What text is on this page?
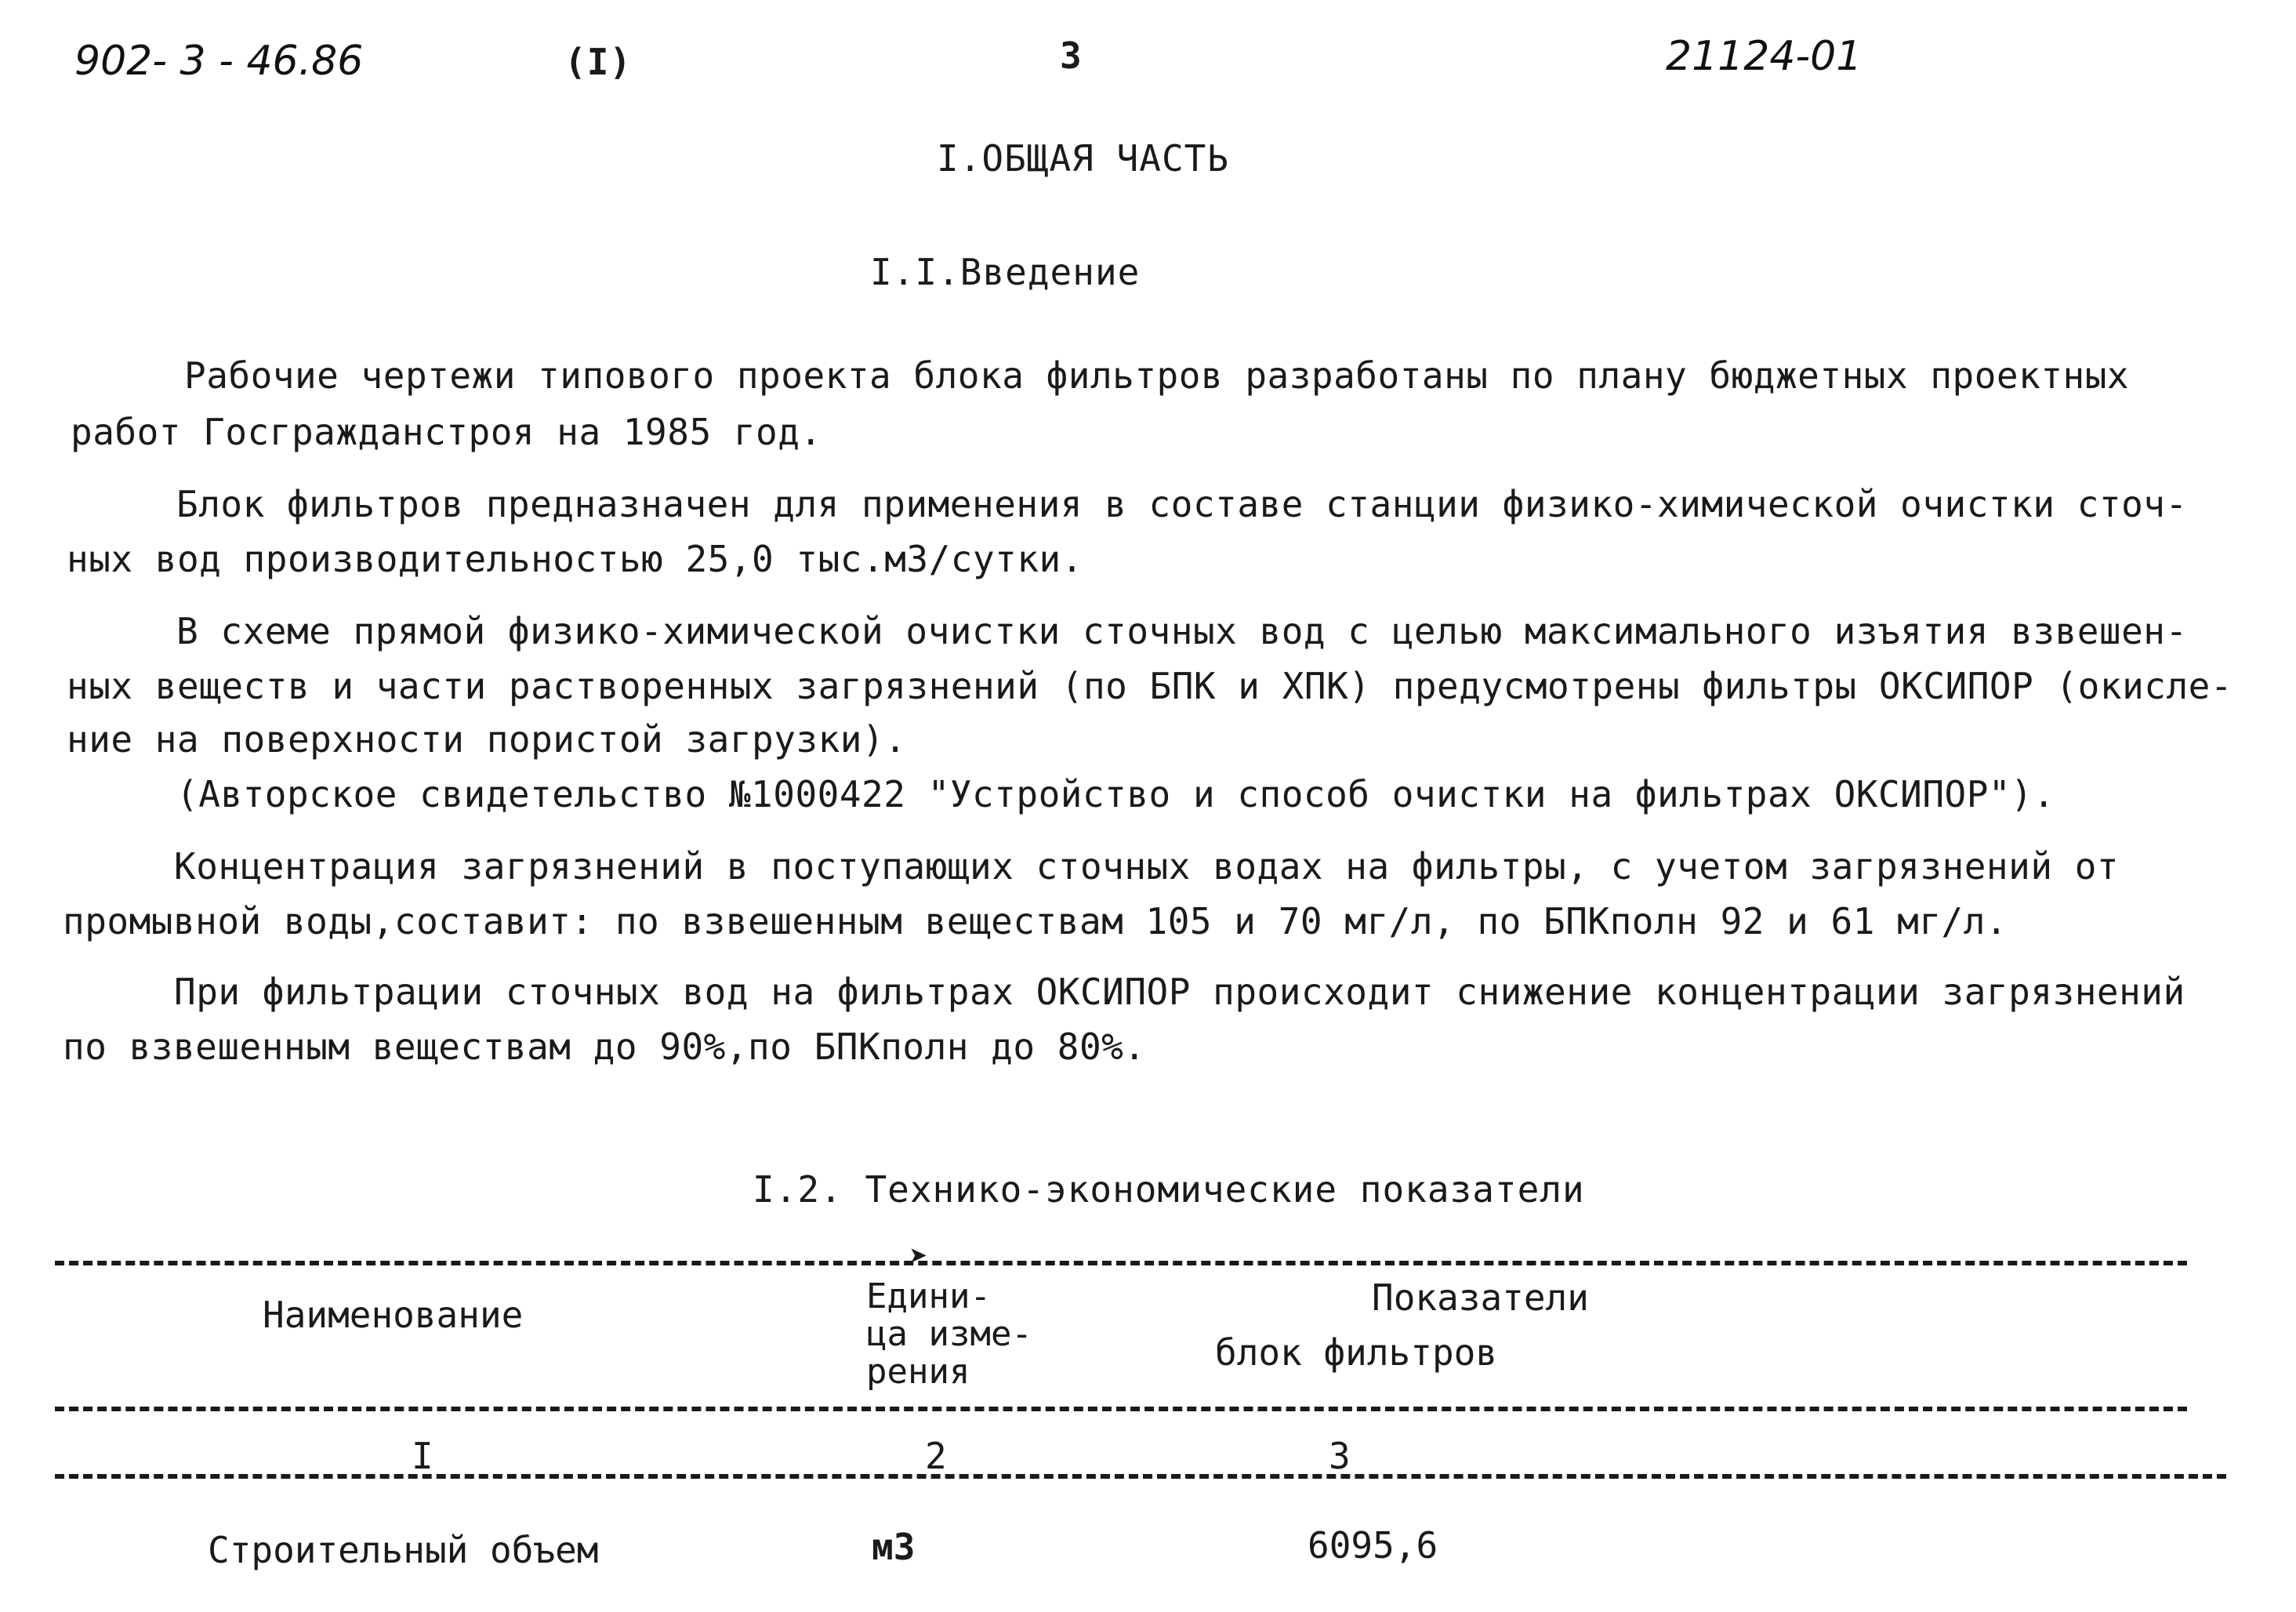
902- 3 - 46.86	(I)	3	21124-01
I.ОБЩАЯ ЧАСТЬ
I.I.Введение
Рабочие чертежи типового проекта блока фильтров разработаны по плану бюджетных проектных
работ Госгражданстроя на 1985 год.
Блок фильтров предназначен для применения в составе станции физико-химической очистки сточ-
ных вод производительностью 25,0 тыс.м3/сутки.
В схеме прямой физико-химической очистки сточных вод с целью максимального изъятия взвешен-
ных веществ и части растворенных загрязнений (по БПК и ХПК) предусмотрены фильтры ОКСИПОР (окисле-
ние на поверхности пористой загрузки).
(Авторское свидетельство №1000422 "Устройство и способ очистки на фильтрах ОКСИПОР").
Концентрация загрязнений в поступающих сточных водах на фильтры, с учетом загрязнений от
промывной воды,составит: по взвешенным веществам 105 и 70 мг/л, по БПКполн 92 и 61 мг/л.
При фильтрации сточных вод на фильтрах ОКСИПОР происходит снижение концентрации загрязнений
по взвешенным веществам до 90%,по БПКполн до 80%.
I.2. Технико-экономические показатели
➤
Наименование	Едини-
ца изме-
рения
Показатели
блок фильтров
I	2	3
Строительный объем	м3	6095,6
